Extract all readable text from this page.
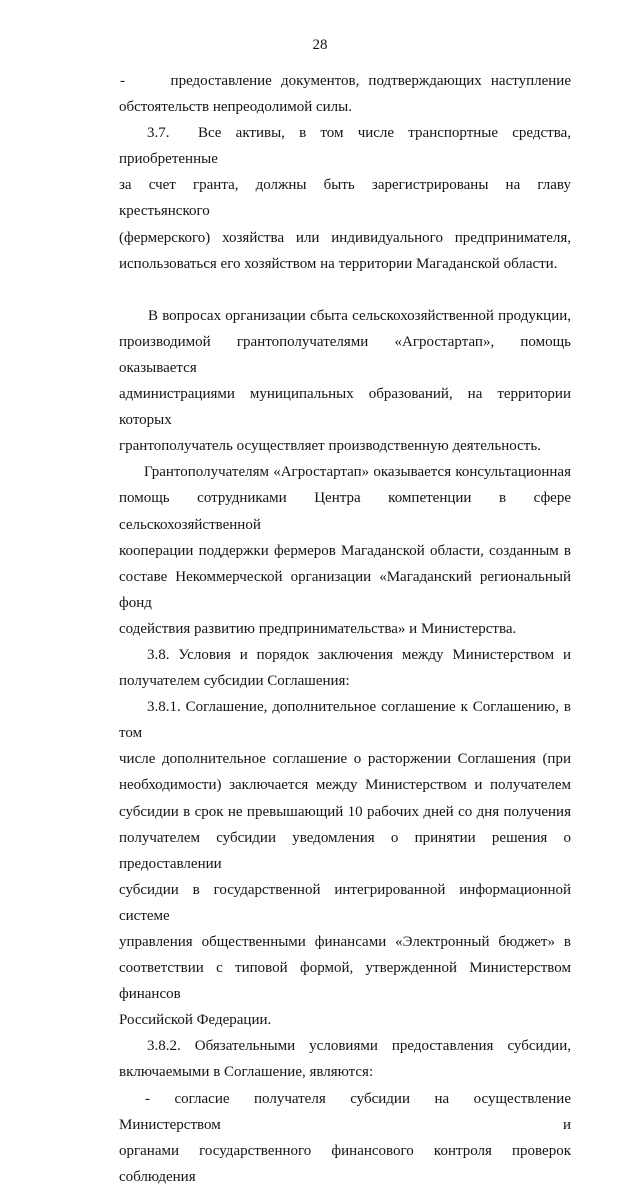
28

-     предоставление документов, подтверждающих наступление

обстоятельств непреодолимой силы.

3.7.  Все активы, в том числе транспортные средства, приобретенные

за счет гранта, должны быть зарегистрированы на главу крестьянского

(фермерского) хозяйства или индивидуального предпринимателя,

использоваться его хозяйством на территории Магаданской области.

В вопросах организации сбыта сельскохозяйственной продукции,

производимой грантополучателями «Агростартап», помощь оказывается

администрациями муниципальных образований, на территории которых

грантополучатель осуществляет производственную деятельность.

Грантополучателям «Агростартап» оказывается консультационная

помощь сотрудниками Центра компетенции в сфере сельскохозяйственной

кооперации поддержки фермеров Магаданской области, созданным в

составе Некоммерческой организации «Магаданский региональный фонд

содействия развитию предпринимательства» и Министерства.

3.8. Условия и порядок заключения между Министерством и

получателем субсидии Соглашения:

3.8.1. Соглашение, дополнительное соглашение к Соглашению, в том

числе дополнительное соглашение о расторжении Соглашения (при

необходимости) заключается между Министерством и получателем

субсидии в срок не превышающий 10 рабочих дней со дня получения

получателем субсидии уведомления о принятии решения о предоставлении

субсидии в государственной интегрированной информационной системе

управления общественными финансами «Электронный бюджет» в

соответствии с типовой формой, утвержденной Министерством финансов

Российской Федерации.

3.8.2. Обязательными условиями предоставления субсидии,

включаемыми в Соглашение, являются:

- согласие получателя субсидии на осуществление Министерством и

органами государственного финансового контроля проверок соблюдения
